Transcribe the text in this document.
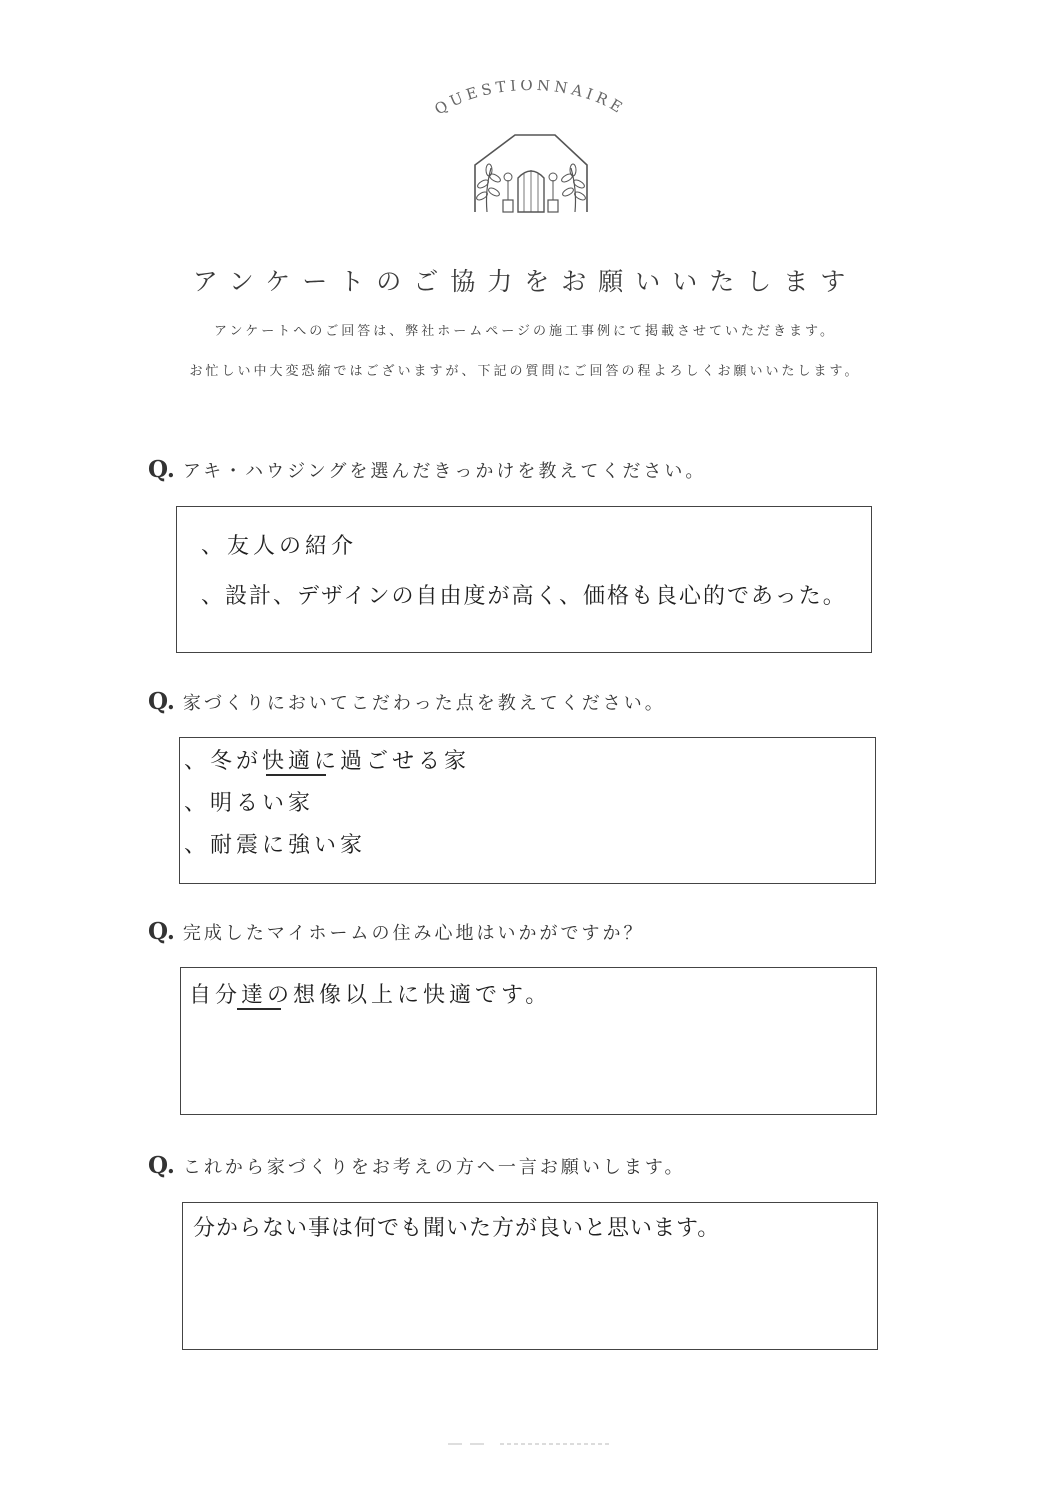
QUESTIONNAIRE
アンケートのご協力をお願いいたします
アンケートへのご回答は、弊社ホームページの施工事例にて掲載させていただきます。
お忙しい中大変恐縮ではございますが、下記の質問にご回答の程よろしくお願いいたします。
Q. アキ・ハウジングを選んだきっかけを教えてください。
、友人の紹介
、設計、デザインの自由度が高く、価格も良心的であった。
Q. 家づくりにおいてこだわった点を教えてください。
、冬が快適に過ごせる家
、明るい家
、耐震に強い家
Q. 完成したマイホームの住み心地はいかがですか？
自分達の想像以上に快適です。
Q. これから家づくりをお考えの方へ一言お願いします。
分からない事は何でも聞いた方が良いと思います。
